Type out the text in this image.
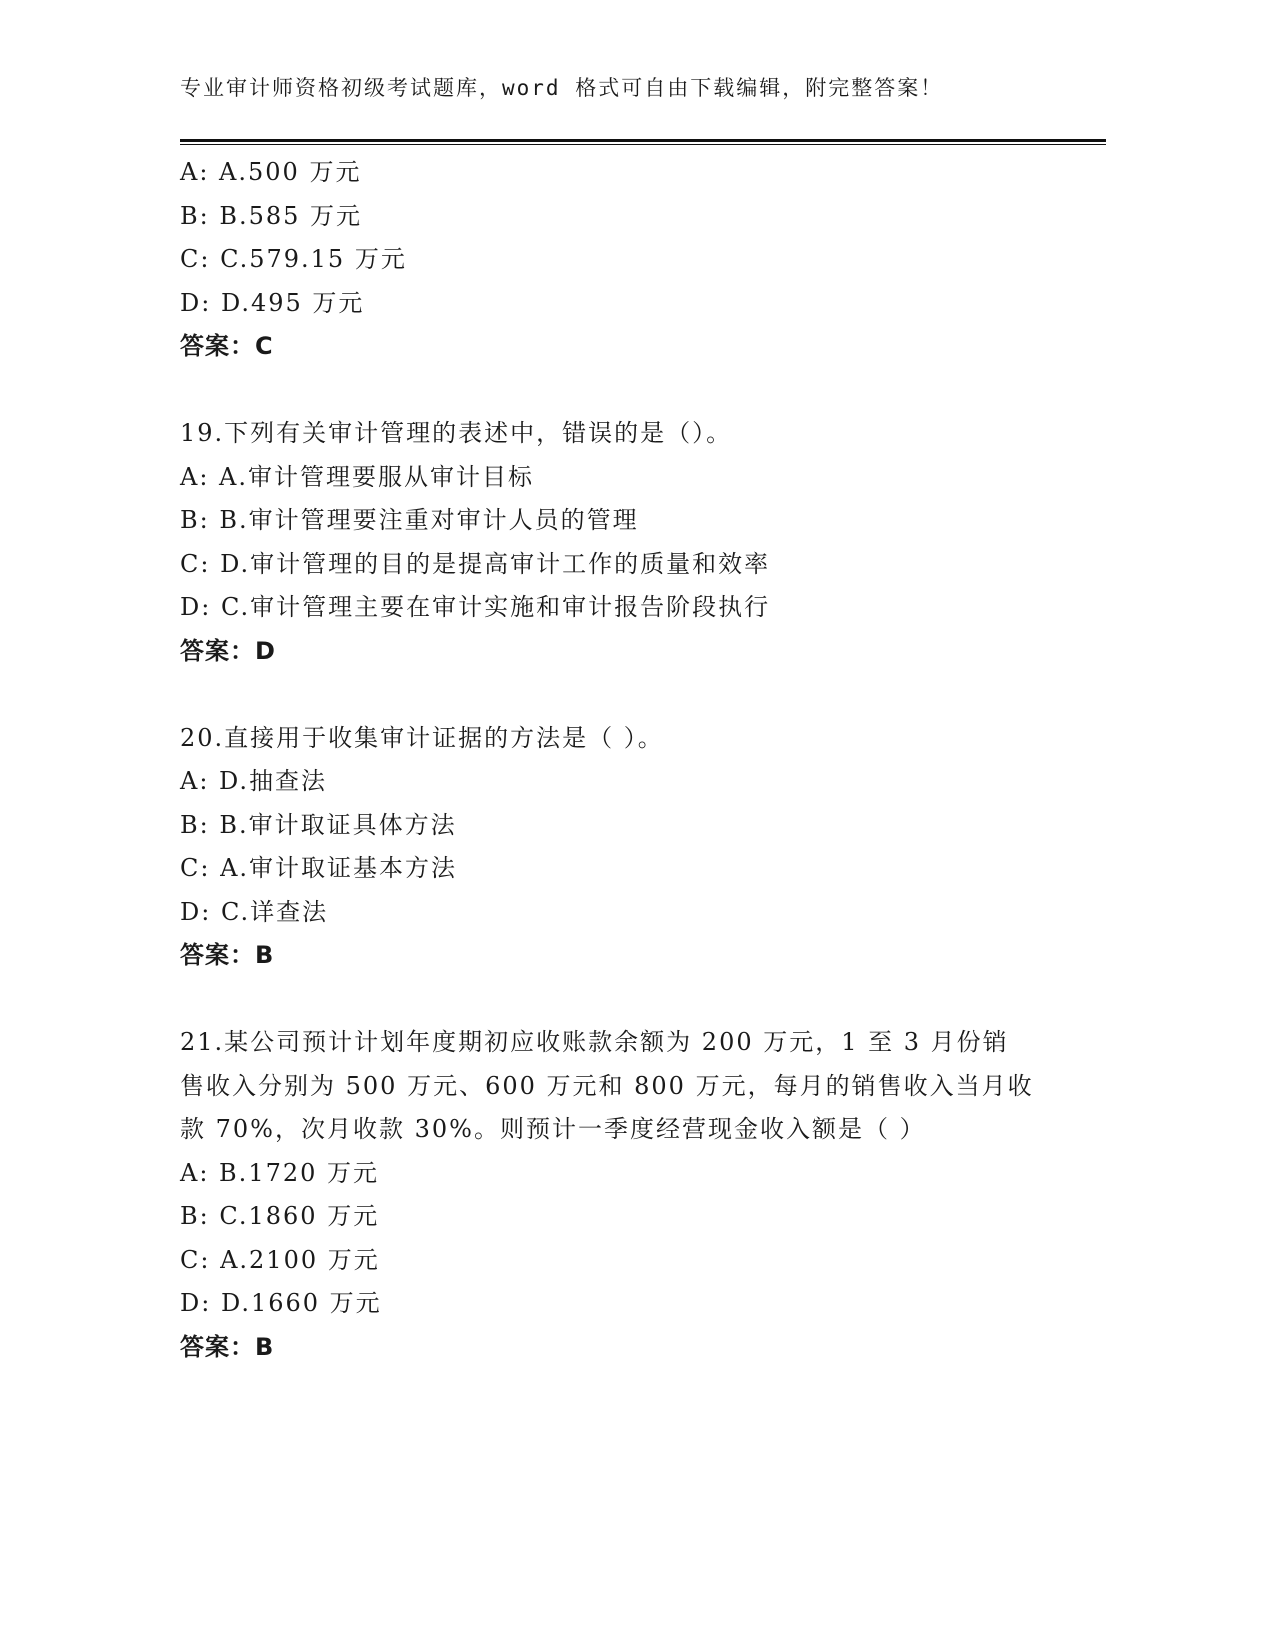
专业审计师资格初级考试题库，word 格式可自由下载编辑，附完整答案！
A: A.500 万元
B: B.585 万元
C: C.579.15 万元
D: D.495 万元
答案：C
19.下列有关审计管理的表述中，错误的是（）。
A: A.审计管理要服从审计目标
B: B.审计管理要注重对审计人员的管理
C: D.审计管理的目的是提高审计工作的质量和效率
D: C.审计管理主要在审计实施和审计报告阶段执行
答案：D
20.直接用于收集审计证据的方法是（ ）。
A: D.抽查法
B: B.审计取证具体方法
C: A.审计取证基本方法
D: C.详查法
答案：B
21.某公司预计计划年度期初应收账款余额为 200 万元，1 至 3 月份销
售收入分别为 500 万元、600 万元和 800 万元，每月的销售收入当月收
款 70%，次月收款 30%。则预计一季度经营现金收入额是（ ）
A: B.1720 万元
B: C.1860 万元
C: A.2100 万元
D: D.1660 万元
答案：B
